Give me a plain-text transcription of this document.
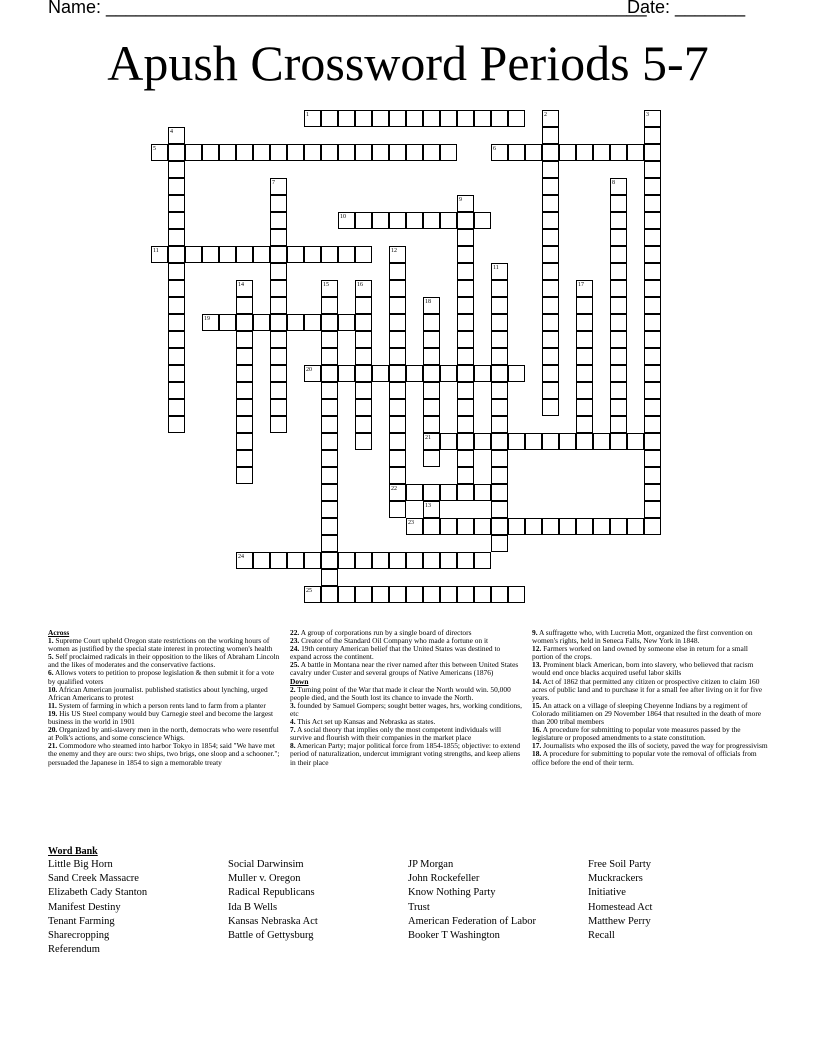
Name: ______________________________________________________
Date: _______
Apush Crossword Periods 5-7
1	2	3
4
5	6
7	8
9
10
11
11
12
13
14	15	16	17
18
19
20
21
22
23
24
25

Across

1. Supreme Court upheld Oregon state restrictions on the working hours of women as justified by the special state interest in protecting women's health
5. Self proclaimed radicals in their opposition to the likes of Abraham Lincoln and the likes of moderates and the conservative factions.
6. Allows voters to petition to propose legislation & then submit it for a vote by qualified voters
10. African American journalist. published statistics about lynching, urged African Americans to protest
11. System of farming in which a person rents land to farm from a planter
19. His US Steel company would buy Carnegie steel and become the largest business in the world in 1901
20. Organized by anti-slavery men in the north, democrats who were resentful at Polk's actions, and some conscience Whigs.
21. Commodore who steamed into harbor Tokyo in 1854; said "We have met the enemy and they are ours: two ships, two brigs, one sloop and a schooner."; persuaded the Japanese in 1854 to sign a memorable treaty
22. A group of corporations run by a single board of directors
23. Creator of the Standard Oil Company who made a fortune on it
24. 19th century American belief that the United States was destined to expand across the continent.
25. A battle in Montana near the river named after this between United States cavalry under Custer and several groups of Native Americans (1876)

Down

2. Turning point of the War that made it clear the North would win. 50,000 people died, and the South lost its chance to invade the North.
3. founded by Samuel Gompers; sought better wages, hrs, working conditions, etc
4. This Act set up Kansas and Nebraska as states.
7. A social theory that implies only the most competent individuals will survive and flourish with their companies in the market place
8. American Party; major political force from 1854-1855; objective: to extend period of naturalization, undercut immigrant voting strengths, and keep aliens in their place
9. A suffragette who, with Lucretia Mott, organized the first convention on women's rights, held in Seneca Falls, New York in 1848.
12. Farmers worked on land owned by someone else in return for a small portion of the crops.
13. Prominent black American, born into slavery, who believed that racism would end once blacks acquired useful labor skills
14. Act of 1862 that permitted any citizen or prospective citizen to claim 160 acres of public land and to purchase it for a small fee after living on it for five years.
15. An attack on a village of sleeping Cheyenne Indians by a regiment of Colorado militiamen on 29 November 1864 that resulted in the death of more than 200 tribal members
16. A procedure for submitting to popular vote measures passed by the legislature or proposed amendments to a state constitution.
17. Journalists who exposed the ills of society, paved the way for progressivism
18. A procedure for submitting to popular vote the removal of officials from office before the end of their term.
Word Bank
Little Big Horn
Sand Creek Massacre
Elizabeth Cady Stanton
Manifest Destiny
Tenant Farming
Sharecropping
Referendum
Social Darwinsim
Muller v. Oregon
Radical Republicans
Ida B Wells
Kansas Nebraska Act
Battle of Gettysburg
JP Morgan
John Rockefeller
Know Nothing Party
Trust
American Federation of Labor
Booker T Washington
Free Soil Party
Muckrackers
Initiative
Homestead Act
Matthew Perry
Recall
